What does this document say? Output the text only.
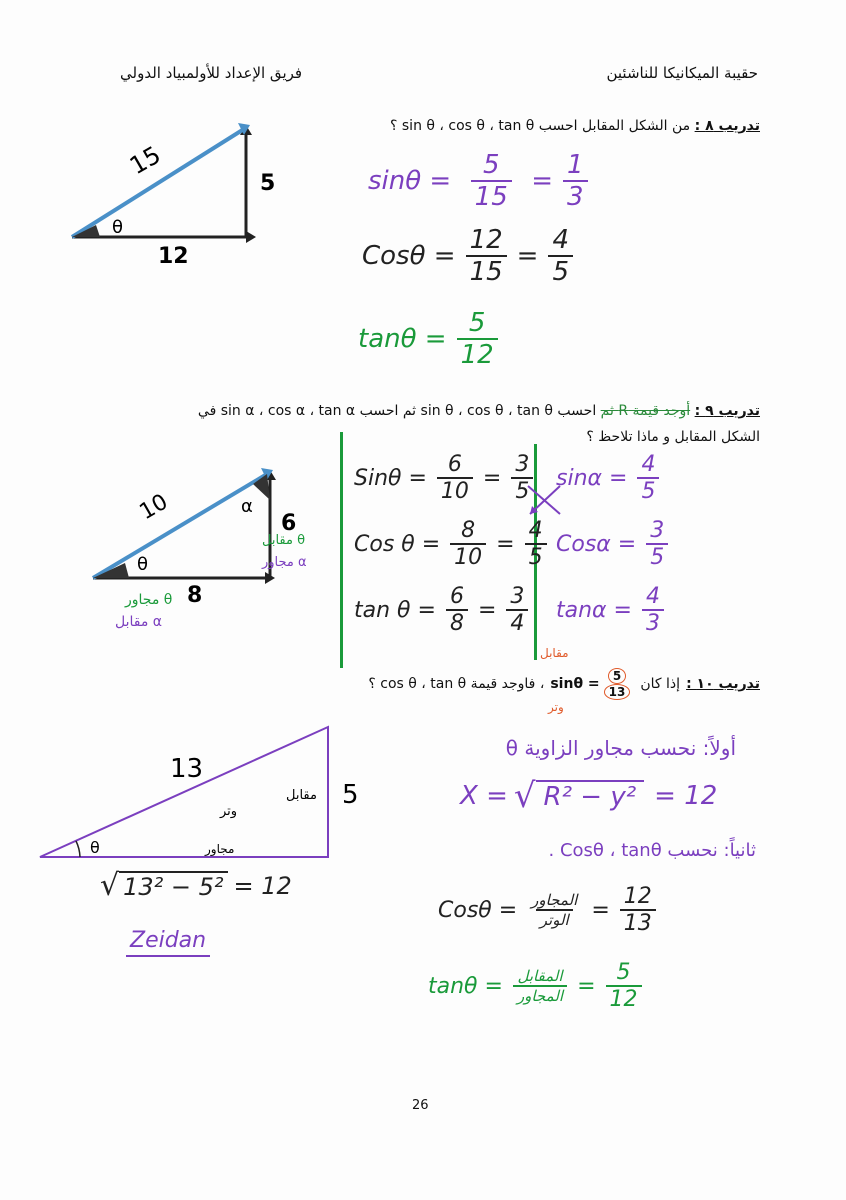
حقيبة الميكانيكا للناشئين
فريق الإعداد للأولمبياد الدولي
تدريب ٨ : من الشكل المقابل احسب sin θ ، cos θ ، tan θ ؟
15
5
12
θ
$\sin\theta = \frac{5}{15} = \frac{1}{3}$
$Cos\theta = \frac{12}{15} = \frac{4}{5}$
$\tan\theta = \frac{5}{12}$
تدريب ٩ : أوجد قيمة R ثم احسب sin θ ، cos θ ، tan θ ثم احسب sin α ، cos α ، tan α في
الشكل المقابل و ماذا تلاحظ ؟
10	6
8
θ
α
مجاور θ
مقابل α
مقابل θ
مجاور α
$Sin\theta = \frac{6}{10} = \frac{3}{5}$
Cos $\theta = \frac{8}{10} = \frac{4}{5}$
$\tan \theta = \frac{6}{8} = \frac{3}{4}$
$\sin\alpha = \frac{4}{5}$
$Cos\alpha = \frac{3}{5}$
$\tan\alpha = \frac{4}{3}$
تدريب ١٠ :
إذا كان
$\sin\theta = \frac{5}{13}$
، فاوجد قيمة cos θ ، tan θ ؟
مقابل
وتر
θ
13
5
وتر
مقابل
مجاور
√ 13² − 5² = 12
Zeidan
أولاً: نحسب مجاور الزاوية θ
X = √ R² − y² = 12
ثانياً: نحسب Cosθ ، tanθ .
$Cos\theta = \frac{\text{المجاور}}{\text{الوتر}} = \frac{12}{13}$
$\tan\theta = \frac{\text{المقابل}}{\text{المجاور}} = \frac{5}{12}$
26
